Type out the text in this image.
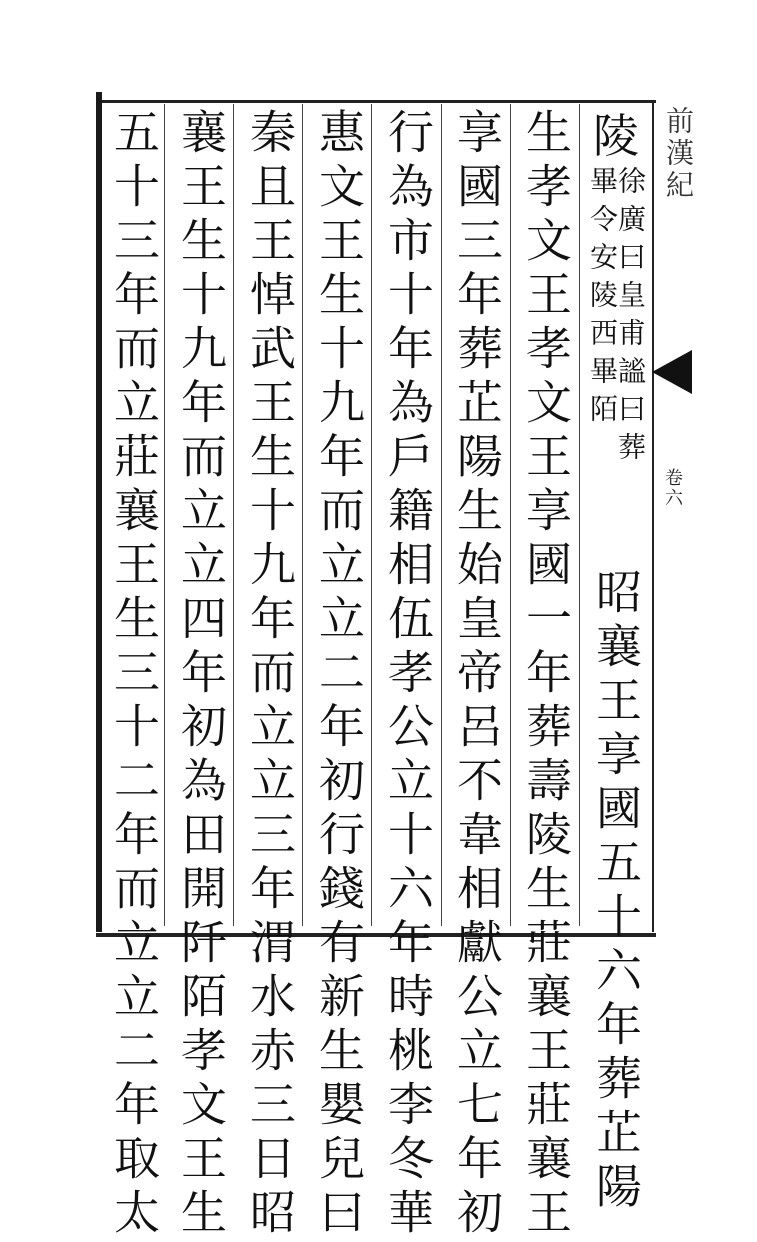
前漢紀
卷六
陵
徐廣曰皇甫謐曰葬
畢令安陵西畢陌
昭襄王享國五十六年葬芷陽
生孝文王孝文王享國一年葬壽陵生莊襄王莊襄王
享國三年葬芷陽生始皇帝呂不韋相獻公立七年初
行為市十年為戶籍相伍孝公立十六年時桃李冬華
惠文王生十九年而立立二年初行錢有新生嬰兒曰
秦且王悼武王生十九年而立立三年渭水赤三日昭
襄王生十九年而立立四年初為田開阡陌孝文王生
五十三年而立莊襄王生三十二年而立立二年取太
